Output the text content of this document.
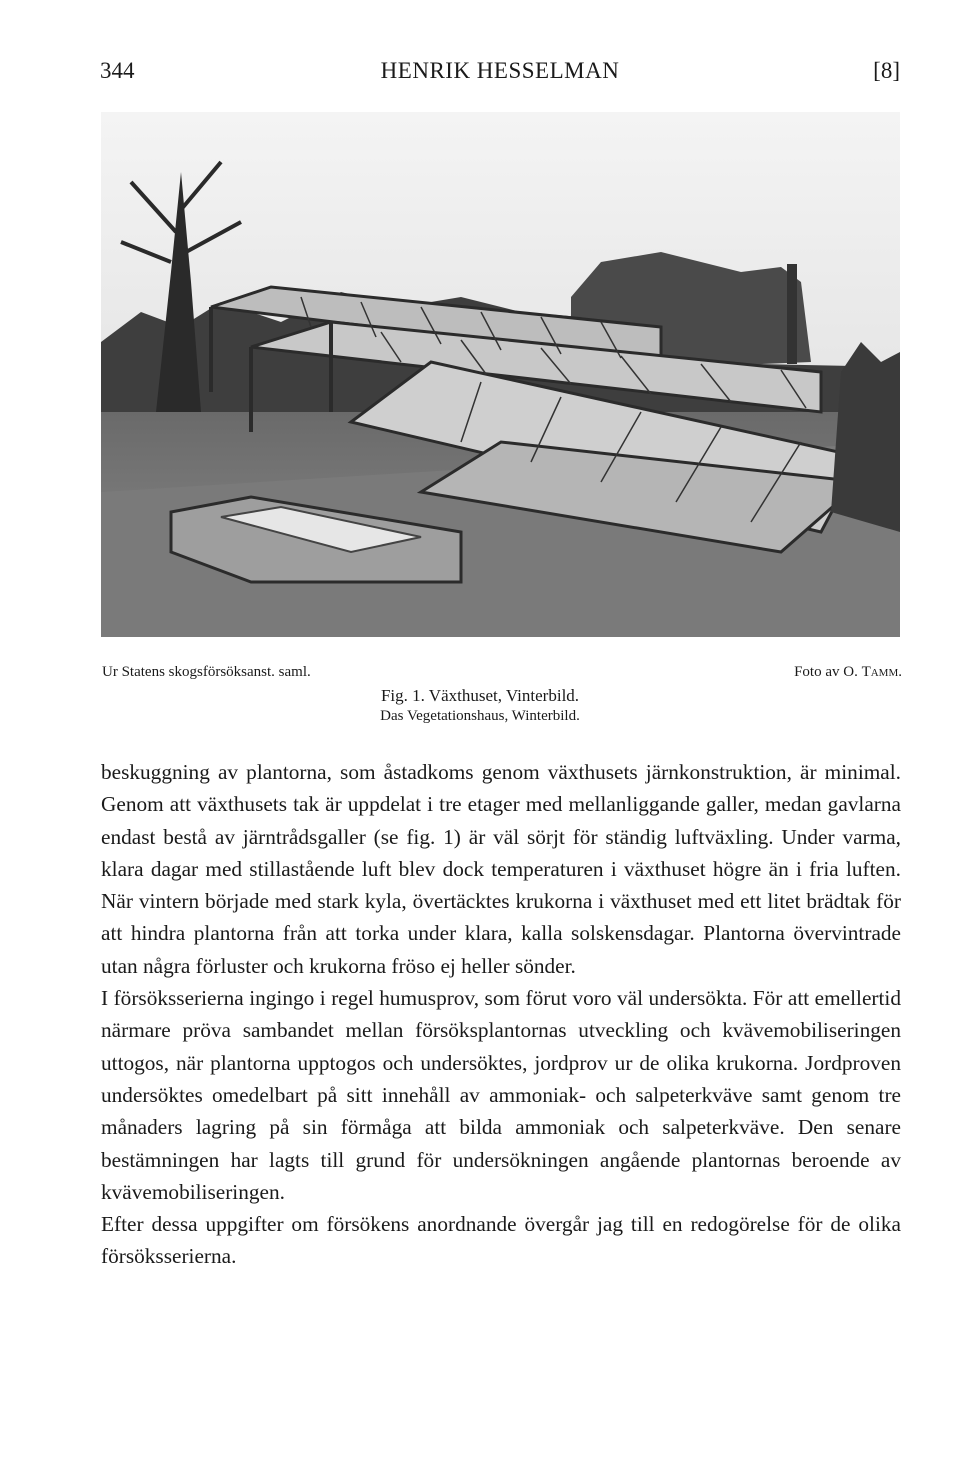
344	HENRIK HESSELMAN	[8]
Ur Statens skogsförsöksanst. saml.	Foto av O. Tamm.
Fig. 1. Växthuset, Vinterbild.
Das Vegetationshaus, Winterbild.

beskuggning av plantorna, som åstadkoms genom växthusets järnkonstruktion, är minimal. Genom att växthusets tak är uppdelat i tre etager med mellanliggande galler, medan gavlarna endast bestå av järntrådsgaller (se fig. 1) är väl sörjt för ständig luftväxling. Under varma, klara dagar med stillastående luft blev dock temperaturen i växthuset högre än i fria luften. När vintern började med stark kyla, övertäcktes krukorna i växthuset med ett litet brädtak för att hindra plantorna från att torka under klara, kalla solskensdagar. Plantorna övervintrade utan några förluster och krukorna fröso ej heller sönder.

I försöksserierna ingingo i regel humusprov, som förut voro väl undersökta. För att emellertid närmare pröva sambandet mellan försöksplantornas utveckling och kvävemobiliseringen uttogos, när plantorna upptogos och undersöktes, jordprov ur de olika krukorna. Jordproven undersöktes omedelbart på sitt innehåll av ammoniak- och salpeterkväve samt genom tre månaders lagring på sin förmåga att bilda ammoniak och salpeterkväve. Den senare bestämningen har lagts till grund för undersökningen angående plantornas beroende av kvävemobiliseringen.

Efter dessa uppgifter om försökens anordnande övergår jag till en redogörelse för de olika försöksserierna.
